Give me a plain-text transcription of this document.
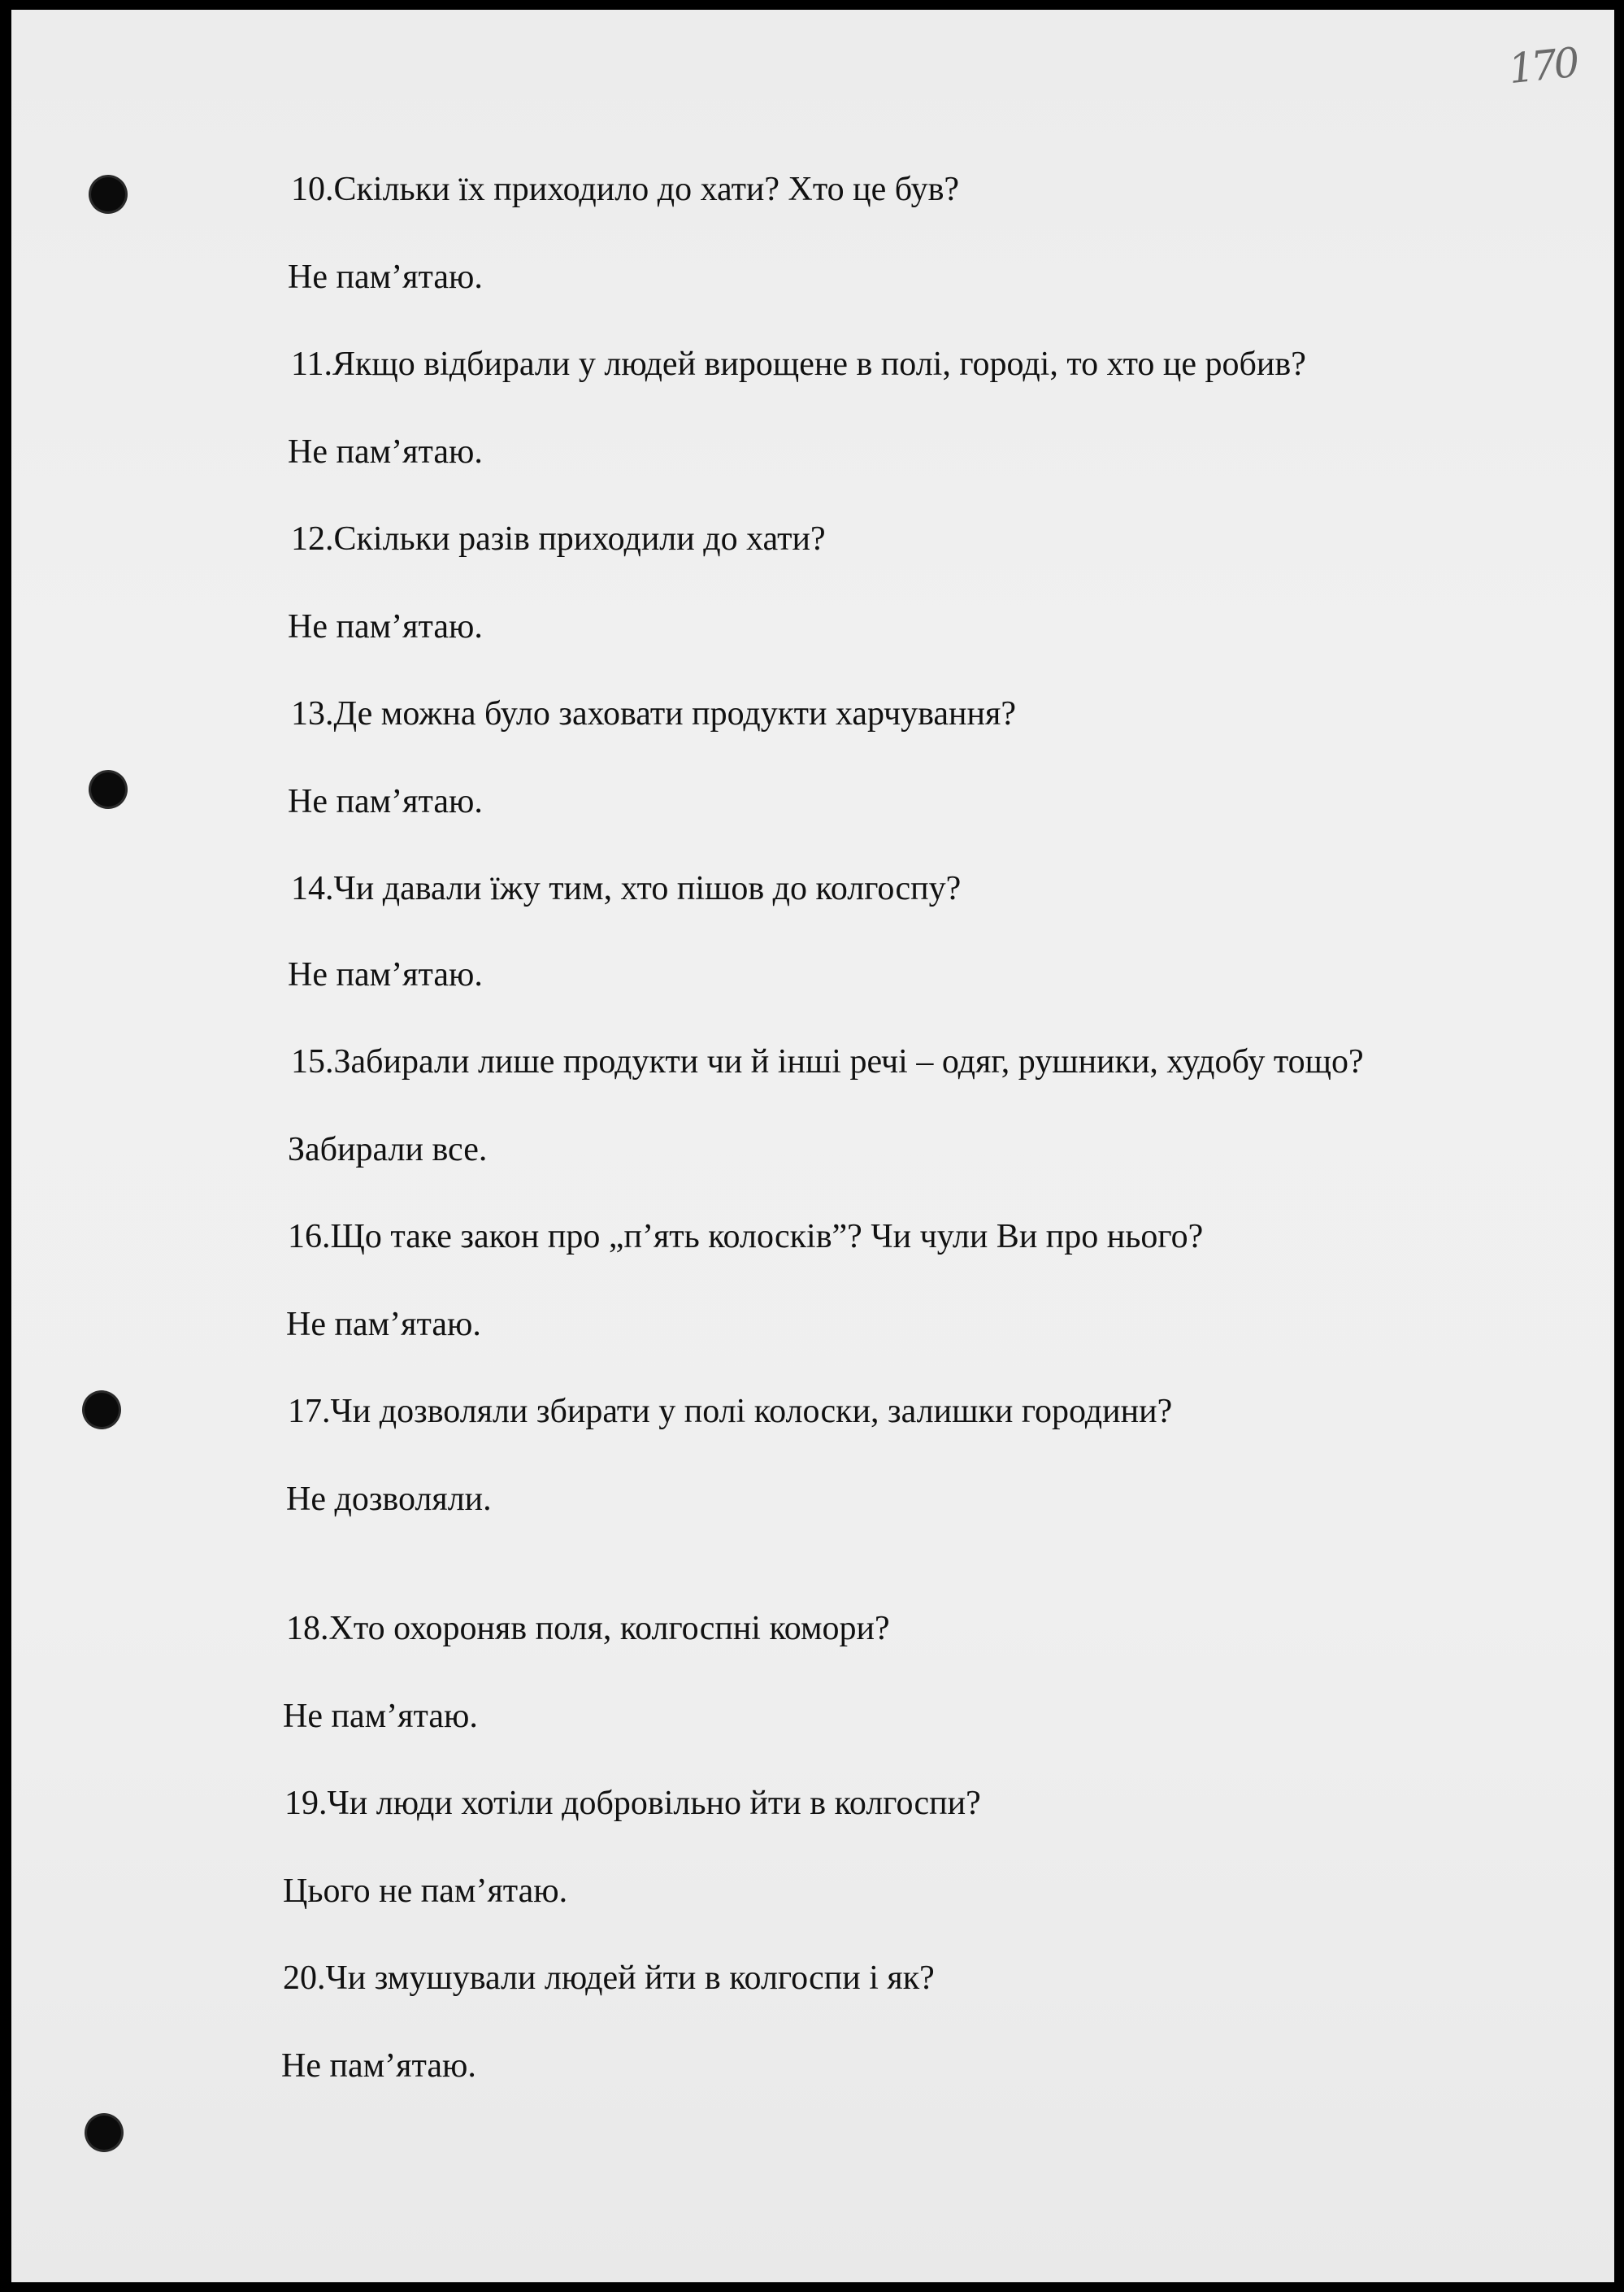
170
10.Скільки їх приходило до хати? Хто це був?
Не пам’ятаю.
11.Якщо відбирали у людей вирощене в полі, городі, то хто це робив?
Не пам’ятаю.
12.Скільки разів приходили до хати?
Не пам’ятаю.
13.Де можна було заховати продукти харчування?
Не пам’ятаю.
14.Чи давали їжу тим, хто пішов до колгоспу?
Не пам’ятаю.
15.Забирали лише продукти чи й інші речі – одяг, рушники, худобу тощо?
Забирали все.
16.Що таке закон про „п’ять колосків”? Чи чули Ви про нього?
Не пам’ятаю.
17.Чи дозволяли збирати у полі колоски, залишки городини?
Не дозволяли.
18.Хто охороняв поля, колгоспні комори?
Не пам’ятаю.
19.Чи люди хотіли добровільно йти в колгоспи?
Цього не пам’ятаю.
20.Чи змушували людей йти в колгоспи і як?
Не пам’ятаю.
